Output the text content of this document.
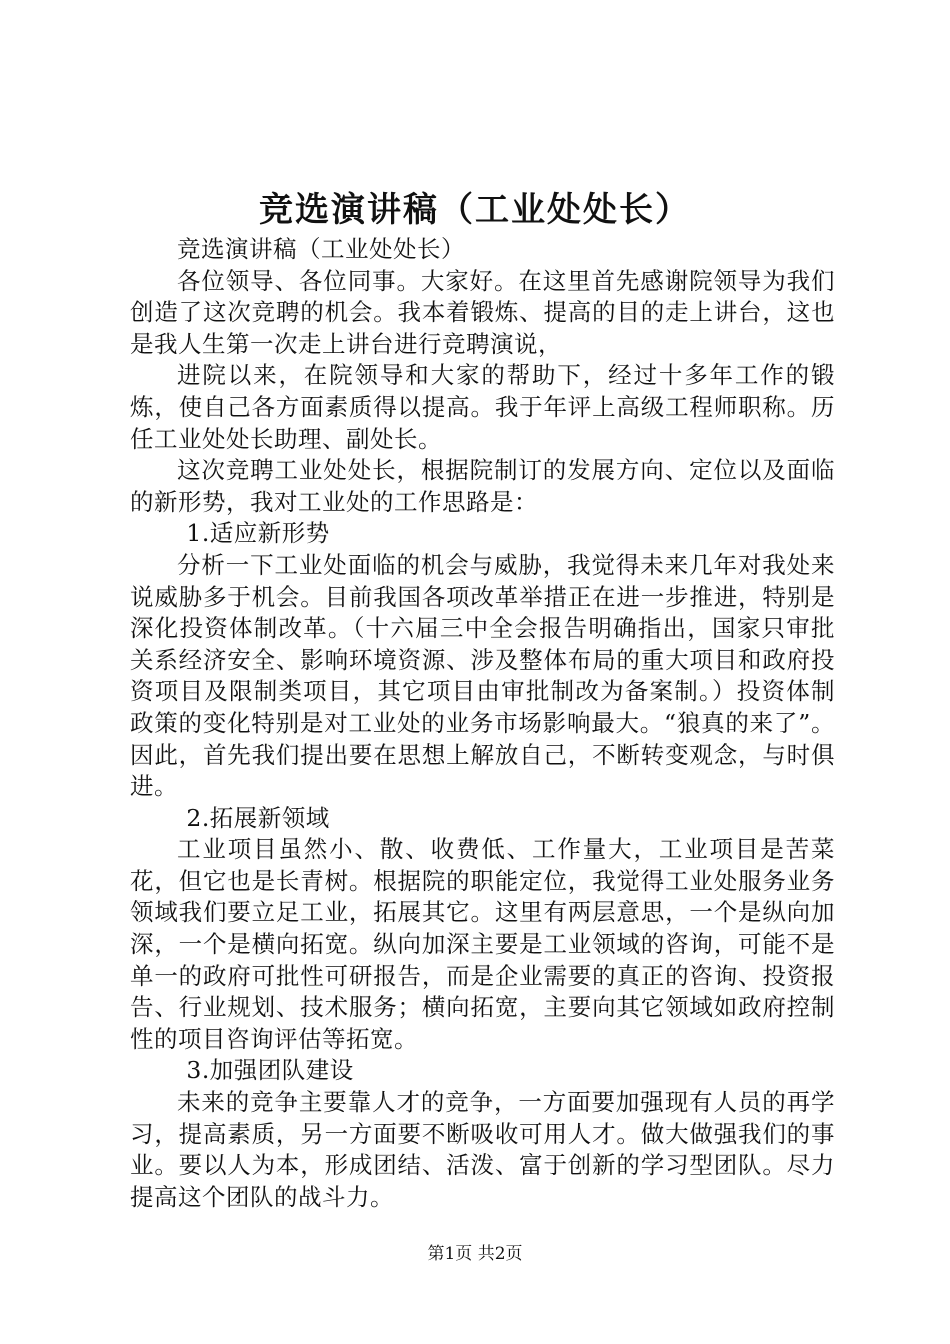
竞选演讲稿（工业处处长）

竞选演讲稿（工业处处长）

各位领导、各位同事。大家好。在这里首先感谢院领导为我们创造了这次竞聘的机会。我本着锻炼、提高的目的走上讲台，这也是我人生第一次走上讲台进行竞聘演说，

进院以来，在院领导和大家的帮助下，经过十多年工作的锻炼，使自己各方面素质得以提高。我于年评上高级工程师职称。历任工业处处长助理、副处长。

这次竞聘工业处处长，根据院制订的发展方向、定位以及面临的新形势，我对工业处的工作思路是：

1.适应新形势

分析一下工业处面临的机会与威胁，我觉得未来几年对我处来说威胁多于机会。目前我国各项改革举措正在进一步推进，特别是深化投资体制改革。（十六届三中全会报告明确指出，国家只审批关系经济安全、影响环境资源、涉及整体布局的重大项目和政府投资项目及限制类项目，其它项目由审批制改为备案制。）投资体制政策的变化特别是对工业处的业务市场影响最大。“狼真的来了”。因此，首先我们提出要在思想上解放自己，不断转变观念，与时俱进。

2.拓展新领域

工业项目虽然小、散、收费低、工作量大，工业项目是苦菜花，但它也是长青树。根据院的职能定位，我觉得工业处服务业务领域我们要立足工业，拓展其它。这里有两层意思，一个是纵向加深，一个是横向拓宽。纵向加深主要是工业领域的咨询，可能不是单一的政府可批性可研报告，而是企业需要的真正的咨询、投资报告、行业规划、技术服务；横向拓宽，主要向其它领域如政府控制性的项目咨询评估等拓宽。

3.加强团队建设

未来的竞争主要靠人才的竞争，一方面要加强现有人员的再学习，提高素质，另一方面要不断吸收可用人才。做大做强我们的事业。要以人为本，形成团结、活泼、富于创新的学习型团队。尽力提高这个团队的战斗力。

第1页 共2页
